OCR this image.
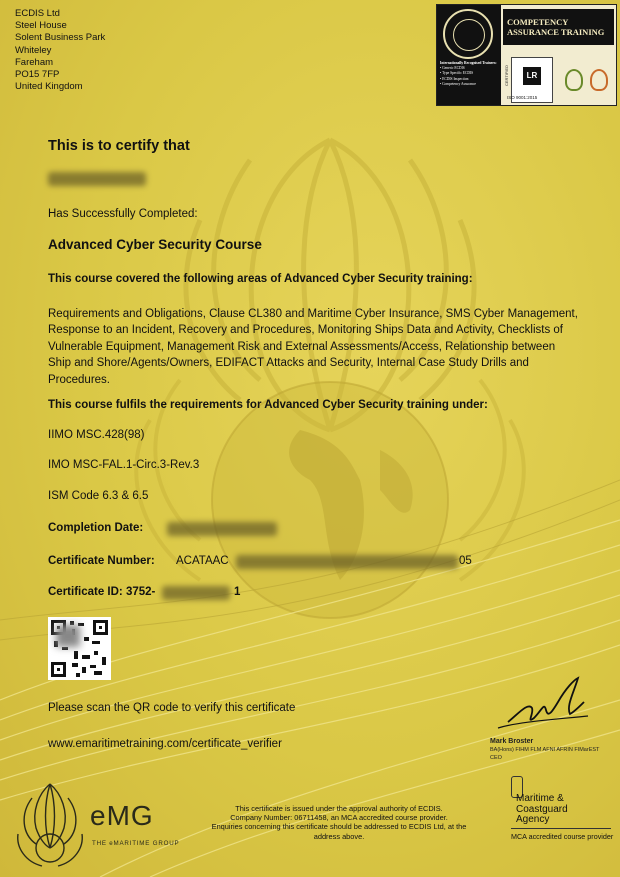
ECDIS Ltd
Steel House
Solent Business Park
Whiteley
Fareham
PO15 7FP
United Kingdom
Internationally Recognised Trainers:
• Generic ECDIS
• Type Specific ECDIS
• ECDIS Inspection
• Competency Assurance
COMPETENCY
ASSURANCE TRAINING
CERTIFIED	LR
ISO 9001:2015
This is to certify that
Has Successfully Completed:
Advanced Cyber Security Course
This course covered the following areas of Advanced Cyber Security training:
Requirements and Obligations, Clause CL380 and Maritime Cyber Insurance, SMS Cyber Management, Response to an Incident, Recovery and Procedures, Monitoring Ships Data and Activity, Checklists of Vulnerable Equipment, Management Risk and External Assessments/Access, Relationship between Ship and Shore/Agents/Owners, EDIFACT Attacks and Security, Internal Case Study Drills and Procedures.
This course fulfils the requirements for Advanced Cyber Security training under:
IIMO MSC.428(98)
IMO MSC-FAL.1-Circ.3-Rev.3
ISM Code 6.3 & 6.5
Completion Date:
Certificate Number: ACATAAC	05
Certificate ID: 3752-	1
Please scan the QR code to verify this certificate
www.emaritimetraining.com/certificate_verifier	Mark Broster
BA(Hons) FIHM FLM AFNI AFRIN FIMarEST
CEO
Maritime &
Coastguard
Agency
MCA accredited course provider
This certificate is issued under the approval authority of ECDIS.
Company Number: 06711458, an MCA accredited course provider.
Enquiries concerning this certificate should be addressed to ECDIS Ltd, at the
address above.
eMG
THE eMARITIME GROUP
